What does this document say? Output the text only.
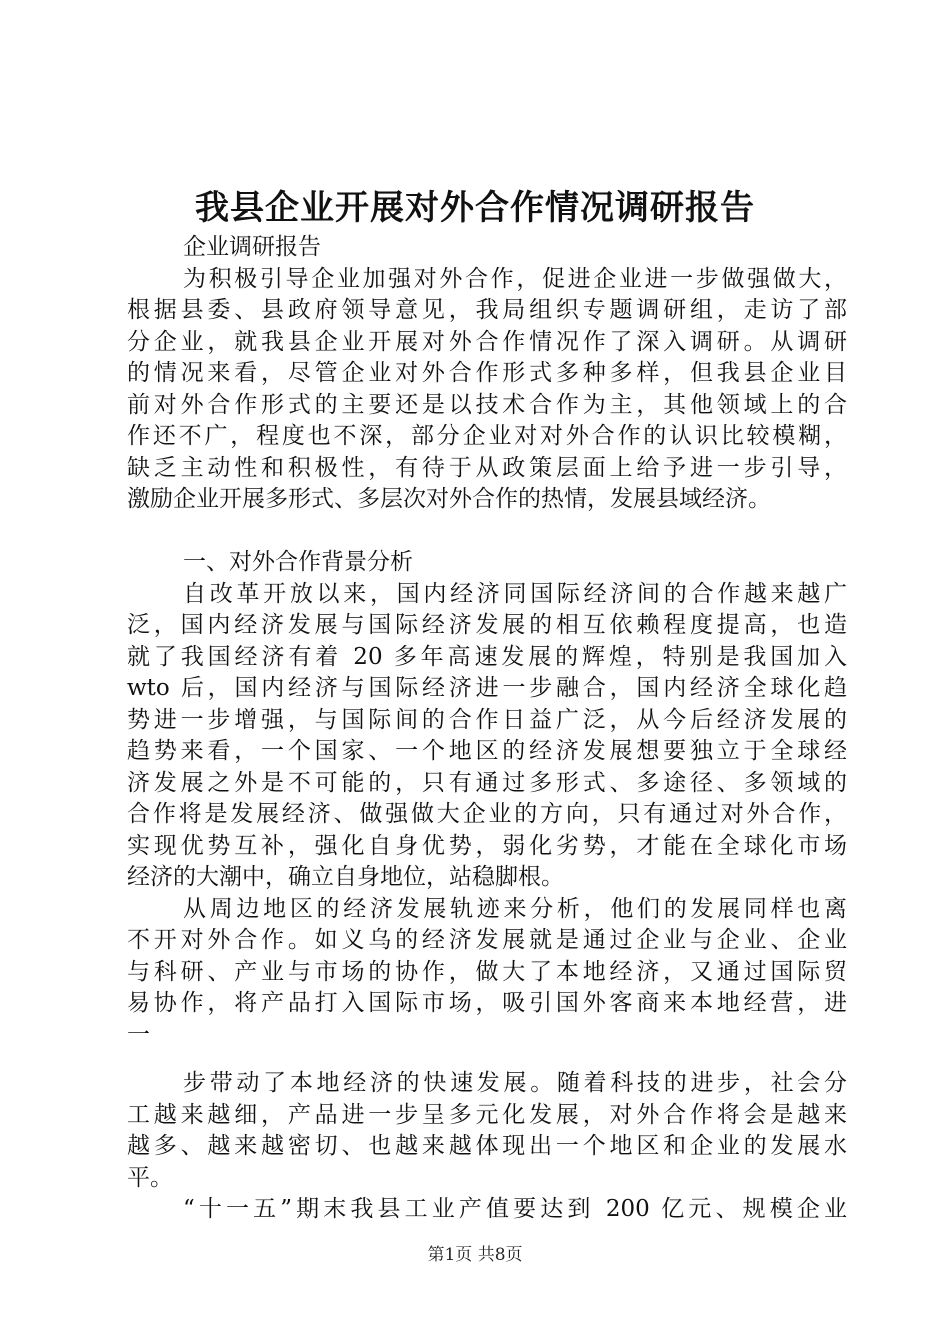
我县企业开展对外合作情况调研报告
企业调研报告
为积极引导企业加强对外合作，促进企业进一步做强做大，
根据县委、县政府领导意见，我局组织专题调研组，走访了部
分企业，就我县企业开展对外合作情况作了深入调研。从调研
的情况来看，尽管企业对外合作形式多种多样，但我县企业目
前对外合作形式的主要还是以技术合作为主，其他领域上的合
作还不广，程度也不深，部分企业对对外合作的认识比较模糊，
缺乏主动性和积极性，有待于从政策层面上给予进一步引导，
激励企业开展多形式、多层次对外合作的热情，发展县域经济。
一、对外合作背景分析
自改革开放以来，国内经济同国际经济间的合作越来越广
泛，国内经济发展与国际经济发展的相互依赖程度提高，也造
就了我国经济有着 20 多年高速发展的辉煌，特别是我国加入
wto 后，国内经济与国际经济进一步融合，国内经济全球化趋
势进一步增强，与国际间的合作日益广泛，从今后经济发展的
趋势来看，一个国家、一个地区的经济发展想要独立于全球经
济发展之外是不可能的，只有通过多形式、多途径、多领域的
合作将是发展经济、做强做大企业的方向，只有通过对外合作，
实现优势互补，强化自身优势，弱化劣势，才能在全球化市场
经济的大潮中，确立自身地位，站稳脚根。
从周边地区的经济发展轨迹来分析，他们的发展同样也离
不开对外合作。如义乌的经济发展就是通过企业与企业、企业
与科研、产业与市场的协作，做大了本地经济，又通过国际贸
易协作，将产品打入国际市场，吸引国外客商来本地经营，进
一
步带动了本地经济的快速发展。随着科技的进步，社会分
工越来越细，产品进一步呈多元化发展，对外合作将会是越来
越多、越来越密切、也越来越体现出一个地区和企业的发展水
平。
“十一五”期末我县工业产值要达到 200 亿元、规模企业
第1页 共8页
